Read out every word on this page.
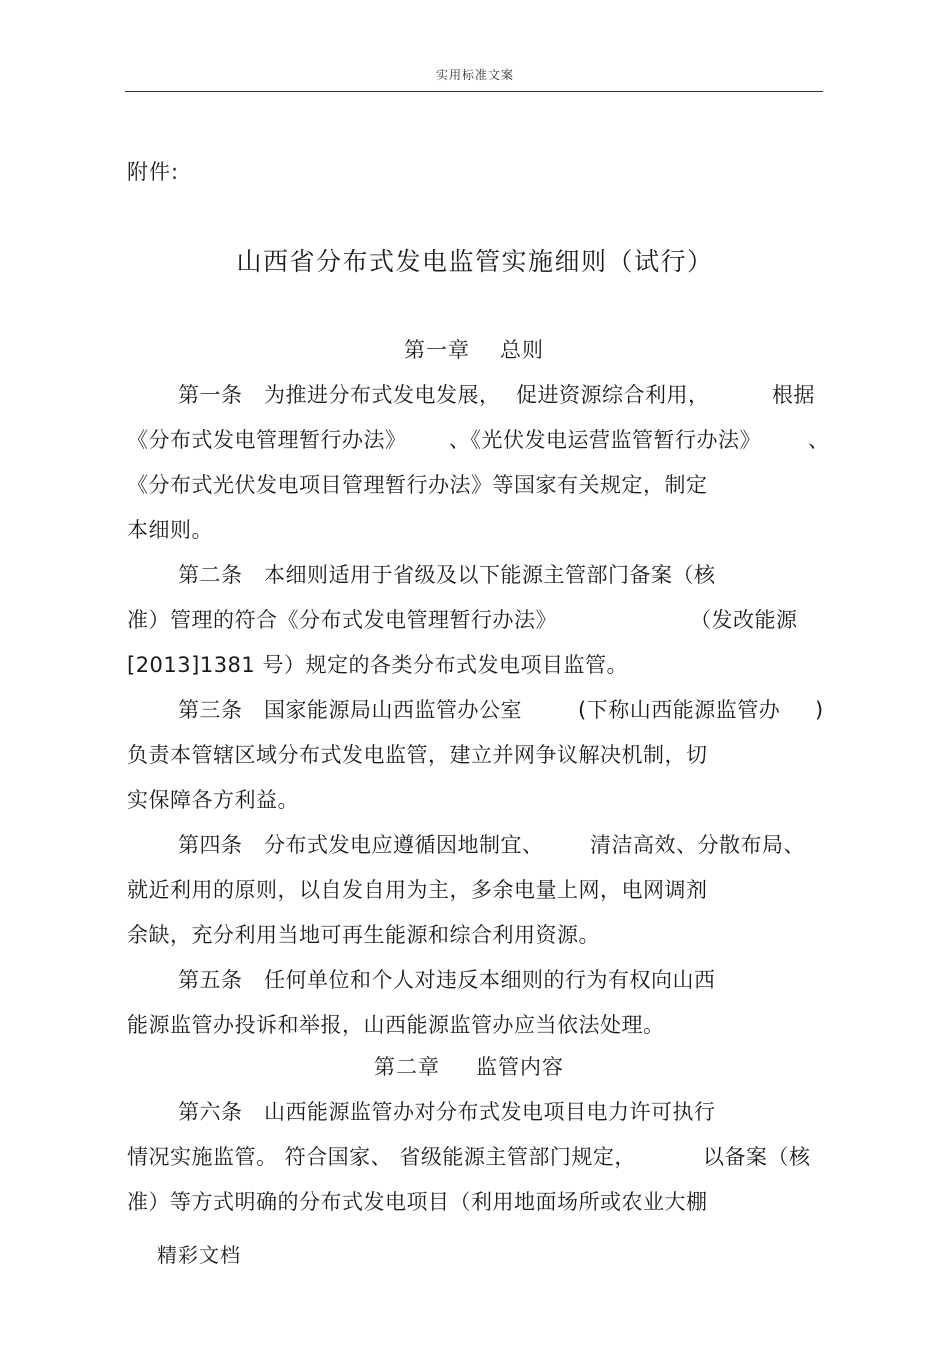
实用标准文案
附件:
山西省分布式发电监管实施细则（试行）
第一章 总则
第一条　为推进分布式发电发展， 促进资源综合利用，	根据
《分布式发电管理暂行办法》 、《光伏发电运营监管暂行办法》 、
《分布式光伏发电项目管理暂行办法》等国家有关规定，制定
本细则。
第二条　本细则适用于省级及以下能源主管部门备案（核
准）管理的符合《分布式发电管理暂行办法》	（发改能源
[2013]1381 号）规定的各类分布式发电项目监管。
第三条　国家能源局山西监管办公室	(下称山西能源监管办 )
负责本管辖区域分布式发电监管，建立并网争议解决机制，切
实保障各方利益。
第四条　分布式发电应遵循因地制宜、 清洁高效、分散布局、
就近利用的原则，以自发自用为主，多余电量上网，电网调剂
余缺，充分利用当地可再生能源和综合利用资源。
第五条　任何单位和个人对违反本细则的行为有权向山西
能源监管办投诉和举报，山西能源监管办应当依法处理。
第二章 监管内容
第六条　山西能源监管办对分布式发电项目电力许可执行
情况实施监管。 符合国家、 省级能源主管部门规定，	以备案（核
准）等方式明确的分布式发电项目（利用地面场所或农业大棚
精彩文档
